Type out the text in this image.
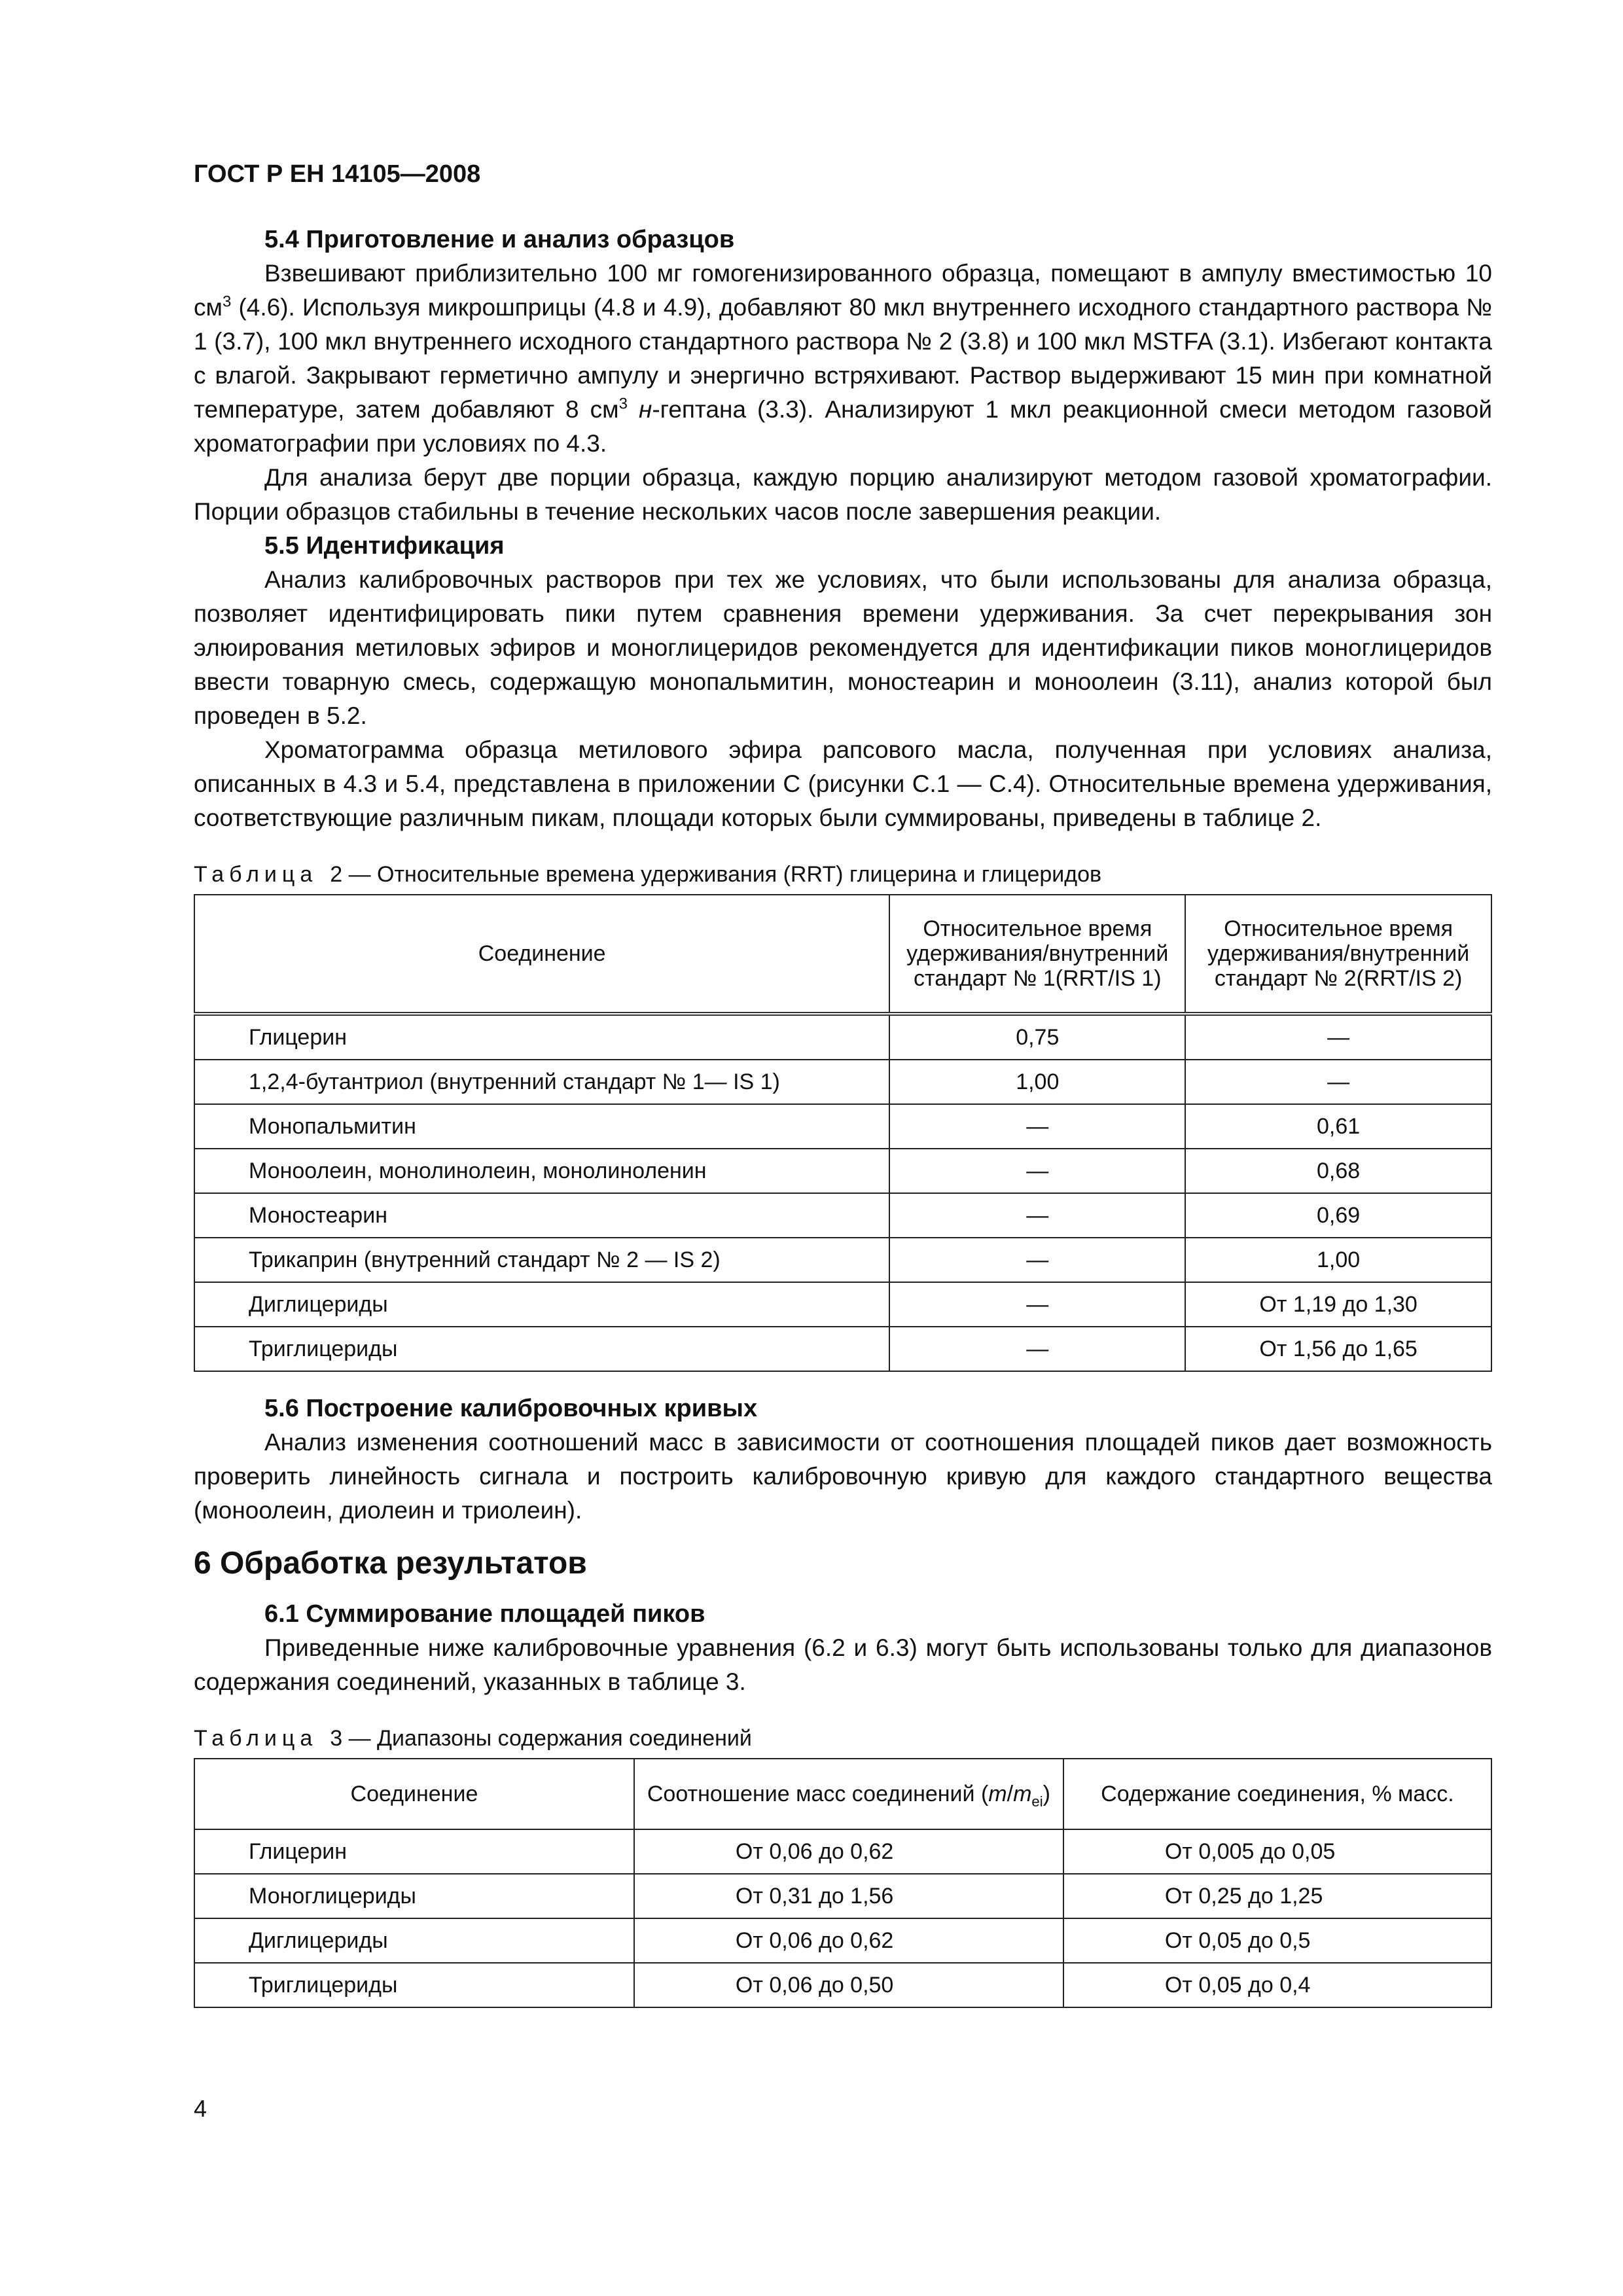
ГОСТ Р ЕН 14105—2008

5.4 Приготовление и анализ образцов

Взвешивают приблизительно 100 мг гомогенизированного образца, помещают в ампулу вместимостью 10 $см^3$ (4.6). Используя микрошприцы (4.8 и 4.9), добавляют 80 мкл внутреннего исходного стандартного раствора № 1 (3.7), 100 мкл внутреннего исходного стандартного раствора № 2 (3.8) и 100 мкл MSTFA (3.1). Избегают контакта с влагой. Закрывают герметично ампулу и энергично встряхивают. Раствор выдерживают 15 мин при комнатной температуре, затем добавляют 8 $см^3$ н-гептана (3.3). Анализируют 1 мкл реакционной смеси методом газовой хроматографии при условиях по 4.3.

Для анализа берут две порции образца, каждую порцию анализируют методом газовой хроматографии. Порции образцов стабильны в течение нескольких часов после завершения реакции.

5.5 Идентификация

Анализ калибровочных растворов при тех же условиях, что были использованы для анализа образца, позволяет идентифицировать пики путем сравнения времени удерживания. За счет перекрывания зон элюирования метиловых эфиров и моноглицеридов рекомендуется для идентификации пиков моноглицеридов ввести товарную смесь, содержащую монопальмитин, моностеарин и моноолеин (3.11), анализ которой был проведен в 5.2.

Хроматограмма образца метилового эфира рапсового масла, полученная при условиях анализа, описанных в 4.3 и 5.4, представлена в приложении С (рисунки С.1 — С.4). Относительные времена удерживания, соответствующие различным пикам, площади которых были суммированы, приведены в таблице 2.

Таблица 2 — Относительные времена удерживания (RRT) глицерина и глицеридов

Соединение	Относительное время удерживания/внутренний стандарт № 1(RRT/IS 1)	Относительное время удерживания/внутренний стандарт № 2(RRT/IS 2)
Глицерин	0,75	—
1,2,4-бутантриол (внутренний стандарт № 1— IS 1)	1,00	—
Монопальмитин	—	0,61
Моноолеин, монолинолеин, монолиноленин	—	0,68
Моностеарин	—	0,69
Трикаприн (внутренний стандарт № 2 — IS 2)	—	1,00
Диглицериды	—	От 1,19 до 1,30
Триглицериды	—	От 1,56 до 1,65

5.6 Построение калибровочных кривых

Анализ изменения соотношений масс в зависимости от соотношения площадей пиков дает возможность проверить линейность сигнала и построить калибровочную кривую для каждого стандартного вещества (моноолеин, диолеин и триолеин).

6 Обработка результатов

6.1 Суммирование площадей пиков

Приведенные ниже калибровочные уравнения (6.2 и 6.3) могут быть использованы только для диапазонов содержания соединений, указанных в таблице 3.

Таблица 3 — Диапазоны содержания соединений

Соединение	Соотношение масс соединений $(m/m_{ei})$	Содержание соединения, % масс.
Глицерин	От 0,06 до 0,62	От 0,005 до 0,05
Моноглицериды	От 0,31 до 1,56	От 0,25 до 1,25
Диглицериды	От 0,06 до 0,62	От 0,05 до 0,5
Триглицериды	От 0,06 до 0,50	От 0,05 до 0,4
4
